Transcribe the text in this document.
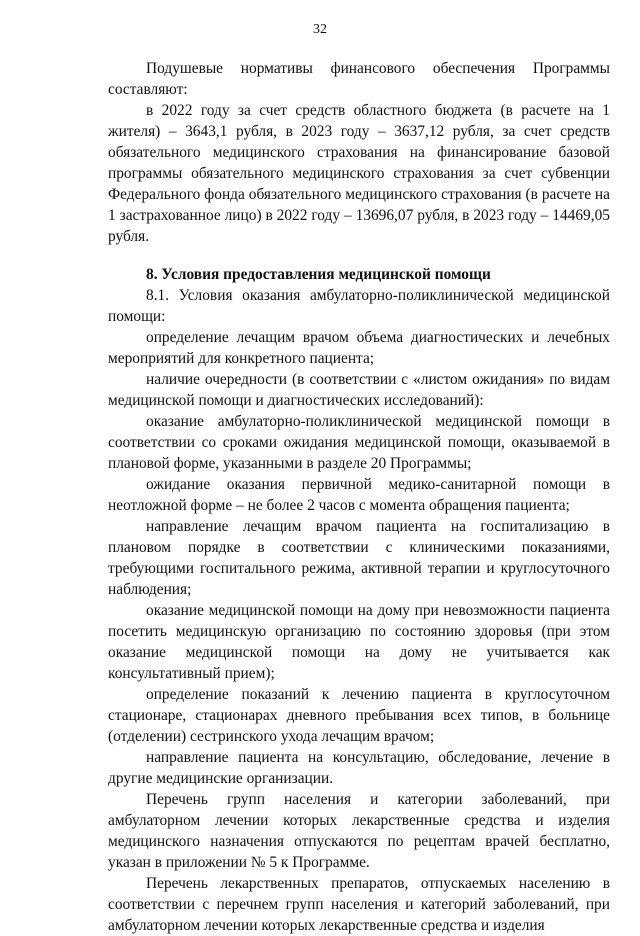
32

Подушевые нормативы финансового обеспечения Программы составляют:

в 2022 году за счет средств областного бюджета (в расчете на 1 жителя) – 3643,1 рубля, в 2023 году – 3637,12 рубля, за счет средств обязательного медицинского страхования на финансирование базовой программы обязательного медицинского страхования за счет субвенции Федерального фонда обязательного медицинского страхования (в расчете на 1 застрахованное лицо) в 2022 году – 13696,07 рубля, в 2023 году – 14469,05 рубля.

8. Условия предоставления медицинской помощи

8.1. Условия оказания амбулаторно-поликлинической медицинской помощи:

определение лечащим врачом объема диагностических и лечебных мероприятий для конкретного пациента;

наличие очередности (в соответствии с «листом ожидания» по видам медицинской помощи и диагностических исследований):

оказание амбулаторно-поликлинической медицинской помощи в соответствии со сроками ожидания медицинской помощи, оказываемой в плановой форме, указанными в разделе 20 Программы;

ожидание оказания первичной медико-санитарной помощи в неотложной форме – не более 2 часов с момента обращения пациента;

направление лечащим врачом пациента на госпитализацию в плановом порядке в соответствии с клиническими показаниями, требующими госпитального режима, активной терапии и круглосуточного наблюдения;

оказание медицинской помощи на дому при невозможности пациента посетить медицинскую организацию по состоянию здоровья (при этом оказание медицинской помощи на дому не учитывается как консультативный прием);

определение показаний к лечению пациента в круглосуточном стационаре, стационарах дневного пребывания всех типов, в больнице (отделении) сестринского ухода лечащим врачом;

направление пациента на консультацию, обследование, лечение в другие медицинские организации.

Перечень групп населения и категории заболеваний, при амбулаторном лечении которых лекарственные средства и изделия медицинского назначения отпускаются по рецептам врачей бесплатно, указан в приложении № 5 к Программе.

Перечень лекарственных препаратов, отпускаемых населению в соответствии с перечнем групп населения и категорий заболеваний, при амбулаторном лечении которых лекарственные средства и изделия
